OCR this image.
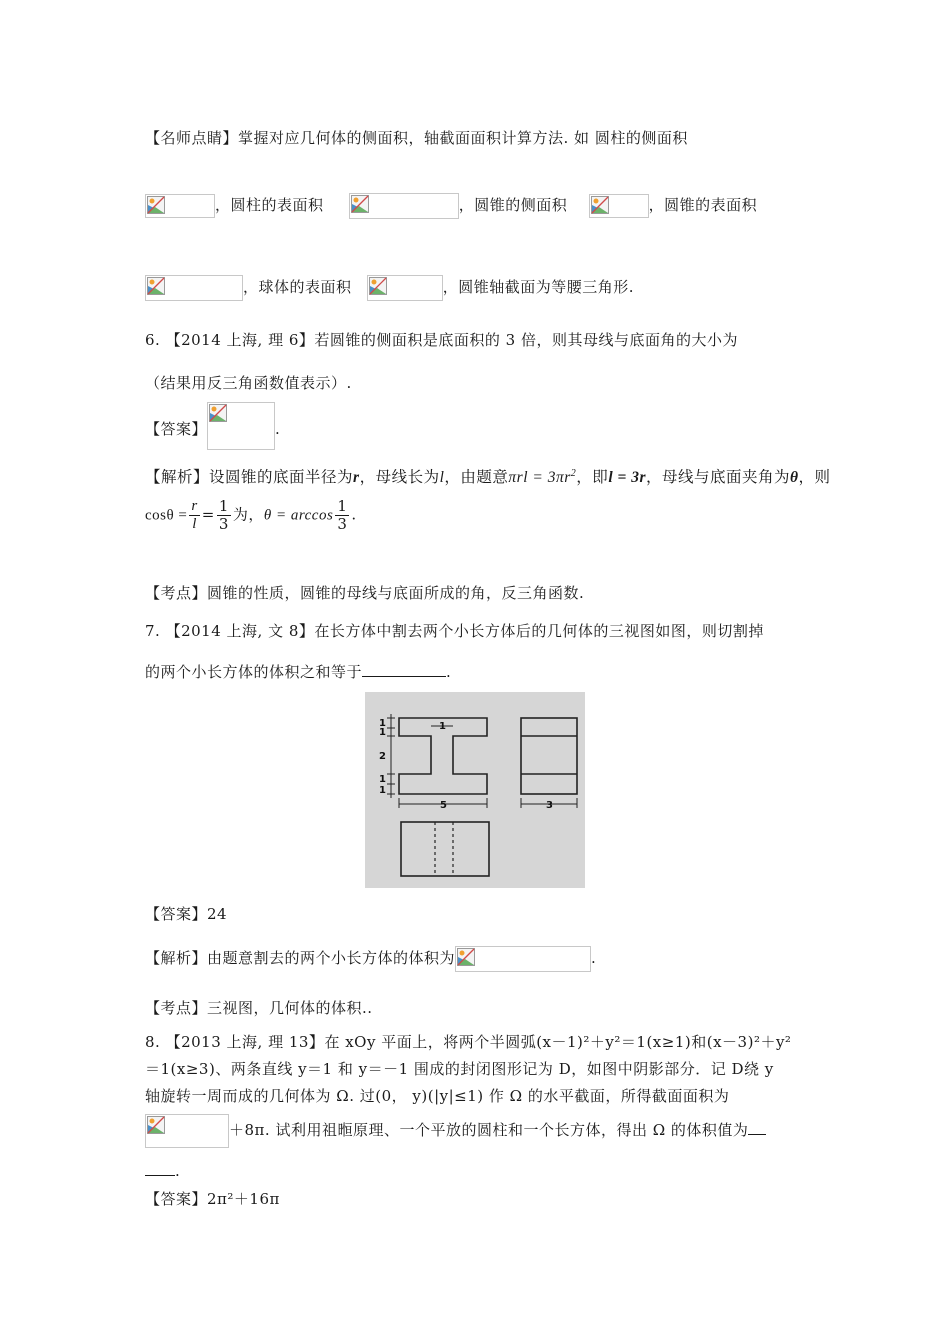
【名师点睛】掌握对应几何体的侧面积，轴截面面积计算方法. 如 圆柱的侧面积
，圆柱的表面积	，圆锥的侧面积	，圆锥的表面积
，球体的表面积	，圆锥轴截面为等腰三角形.
6. 【2014 上海, 理 6】若圆锥的侧面积是底面积的 3 倍，则其母线与底面角的大小为
（结果用反三角函数值表示）.
【答案】	.
【解析】设圆锥的底面半径为r，母线长为l，由题意$\pi rl = 3\pi r^2$，即l = 3r，母线与底面夹角为θ，则
$\cos\theta = \frac{r}{l} = \frac{1}{3}$ 为，$\theta = \arccos \frac{1}{3}$ .
【考点】圆锥的性质，圆锥的母线与底面所成的角，反三角函数.
7. 【2014 上海, 文 8】在长方体中割去两个小长方体后的几何体的三视图如图，则切割掉
的两个小长方体的体积之和等于	.
1
1
2
1
1
1
5	3
【答案】24
【解析】由题意割去的两个小长方体的体积为	.
【考点】三视图，几何体的体积..
8. 【2013 上海, 理 13】在 xOy 平面上，将两个半圆弧(x－1)²＋y²＝1(x≥1)和(x－3)²＋y²
＝1(x≥3)、两条直线 y＝1 和 y＝－1 围成的封闭图形记为 D，如图中阴影部分．记 D绕 y
轴旋转一周而成的几何体为 Ω. 过(0， y)(|y|≤1) 作 Ω 的水平截面，所得截面面积为
＋8π. 试利用祖暅原理、一个平放的圆柱和一个长方体，得出 Ω 的体积值为
.
【答案】2π²＋16π
